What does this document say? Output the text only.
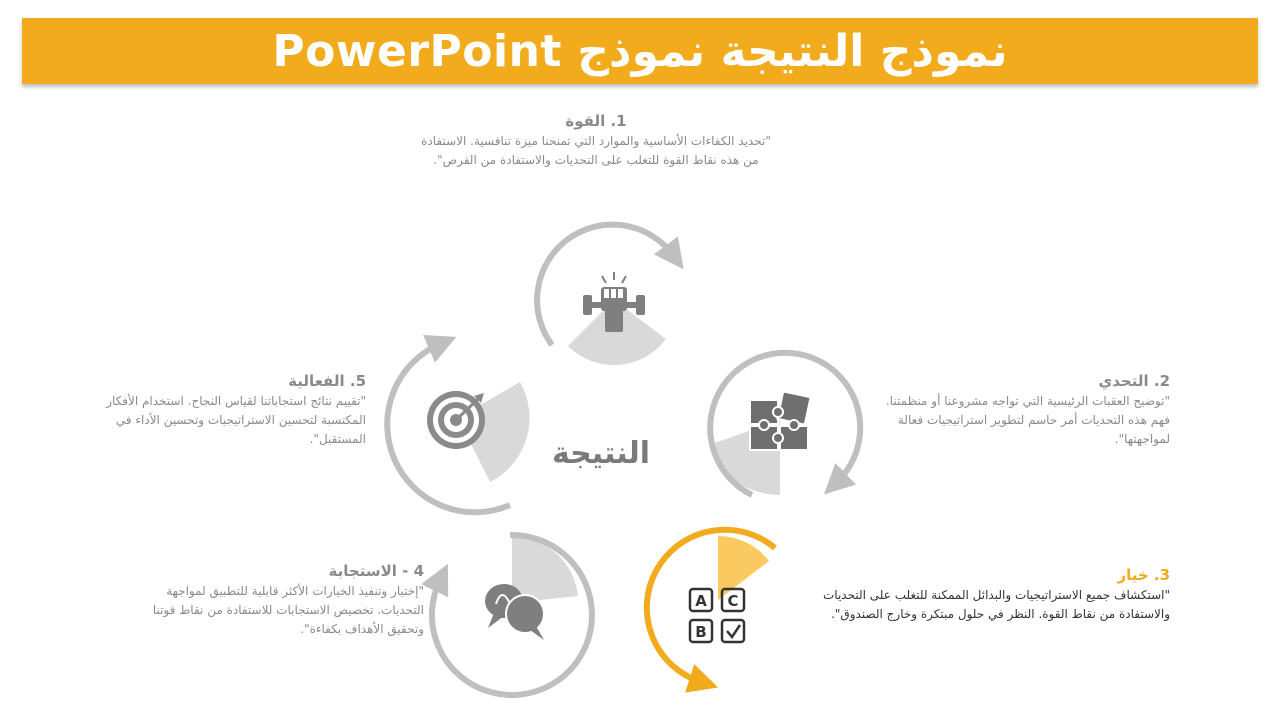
نموذج النتيجة نموذج PowerPoint
A C
B
النتيجة
1. القوة
"تحديد الكفاءات الأساسية والموارد التي تمنحنا ميزة تنافسية. الاستفادة من هذه نقاط القوة للتغلب على التحديات والاستفادة من الفرص".
2. التحدي
"توضيح العقبات الرئيسية التي تواجه مشروعنا أو منظمتنا. فهم هذه التحديات أمر حاسم لتطوير استراتيجيات فعالة لمواجهتها".
3. خيار
"استكشاف جميع الاستراتيجيات والبدائل الممكنة للتغلب على التحديات والاستفادة من نقاط القوة. النظر في حلول مبتكرة وخارج الصندوق".
4 - الاستجابة
"إختيار وتنفيذ الخيارات الأكثر قابلية للتطبيق لمواجهة التحديات. تخصيص الاستجابات للاستفادة من نقاط قوتنا وتحقيق الأهداف بكفاءة".
5. الفعالية
"تقييم نتائج استجاباتنا لقياس النجاح. استخدام الأفكار المكتسبة لتحسين الاستراتيجيات وتحسين الأداء في المستقبل".
